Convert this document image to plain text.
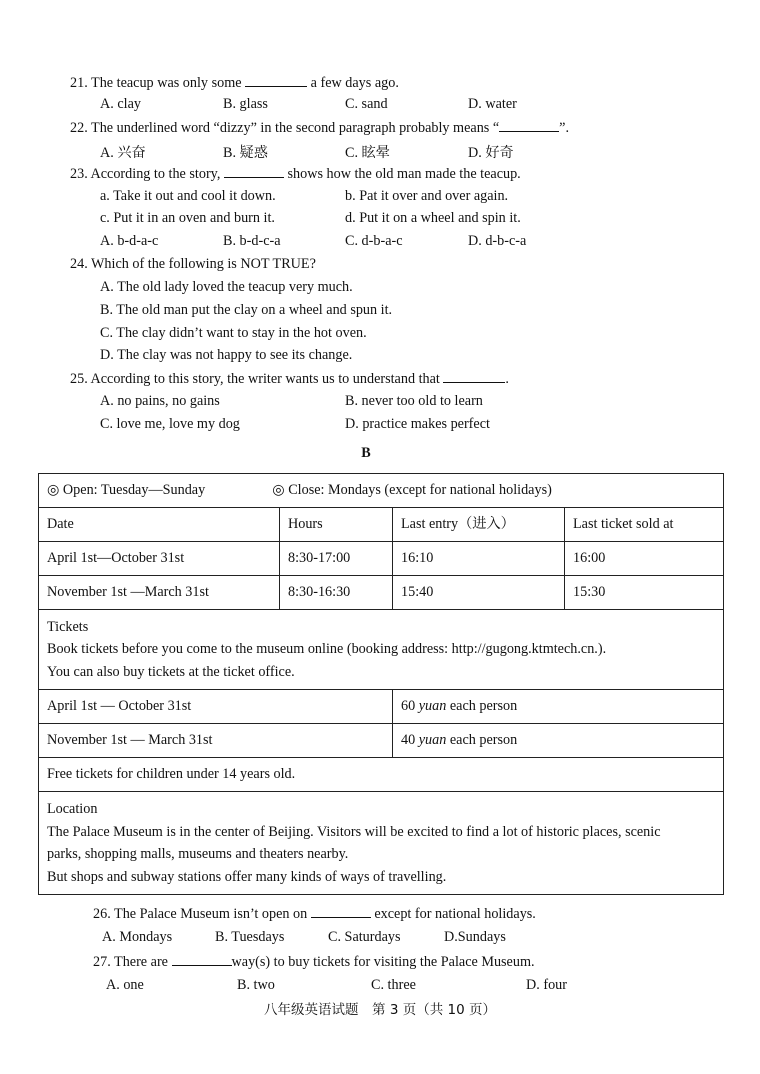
21. The teacup was only some	a few days ago.
A. clay	B. glass	C. sand	D. water
22. The underlined word “dizzy” in the second paragraph probably means “	”.
A. 兴奋	B. 疑惑	C. 眩晕	D. 好奇
23. According to the story,	shows how the old man made the teacup.
a. Take it out and cool it down.	b. Pat it over and over again.
c. Put it in an oven and burn it.	d. Put it on a wheel and spin it.
A. b-d-a-c	B. b-d-c-a	C. d-b-a-c	D. d-b-c-a
24. Which of the following is NOT TRUE?
A. The old lady loved the teacup very much.
B. The old man put the clay on a wheel and spun it.
C. The clay didn’t want to stay in the hot oven.
D. The clay was not happy to see its change.
25. According to this story, the writer wants us to understand that	.
A. no pains, no gains	B. never too old to learn
C. love me, love my dog	D. practice makes perfect
B
◎ Open: Tuesday—Sunday ◎ Close: Mondays (except for national holidays)			
Date	Hours	Last entry（进入）	Last ticket sold at
April 1st—October 31st	8:30-17:00	16:10	16:00
November 1st —March 31st	8:30-16:30	15:40	15:30

Tickets
Book tickets before you come to the museum online (booking address: http://gugong.ktmtech.cn.).
You can also buy tickets at the ticket office.			

April 1st — October 31st		60 yuan each person	
November 1st — March 31st		40 yuan each person	
Free tickets for children under 14 years old.			

Location
The Palace Museum is in the center of Beijing. Visitors will be excited to find a lot of historic places, scenic
parks, shopping malls, museums and theaters nearby.
But shops and subway stations offer many kinds of ways of travelling.			
26. The Palace Museum isn’t open on	except for national holidays.
A. Mondays	B. Tuesdays	C. Saturdays	D.Sundays
27. There are	way(s) to buy tickets for visiting the Palace Museum.
A. one	B. two	C. three	D. four
八年级英语试题　第 3 页（共 10 页）
